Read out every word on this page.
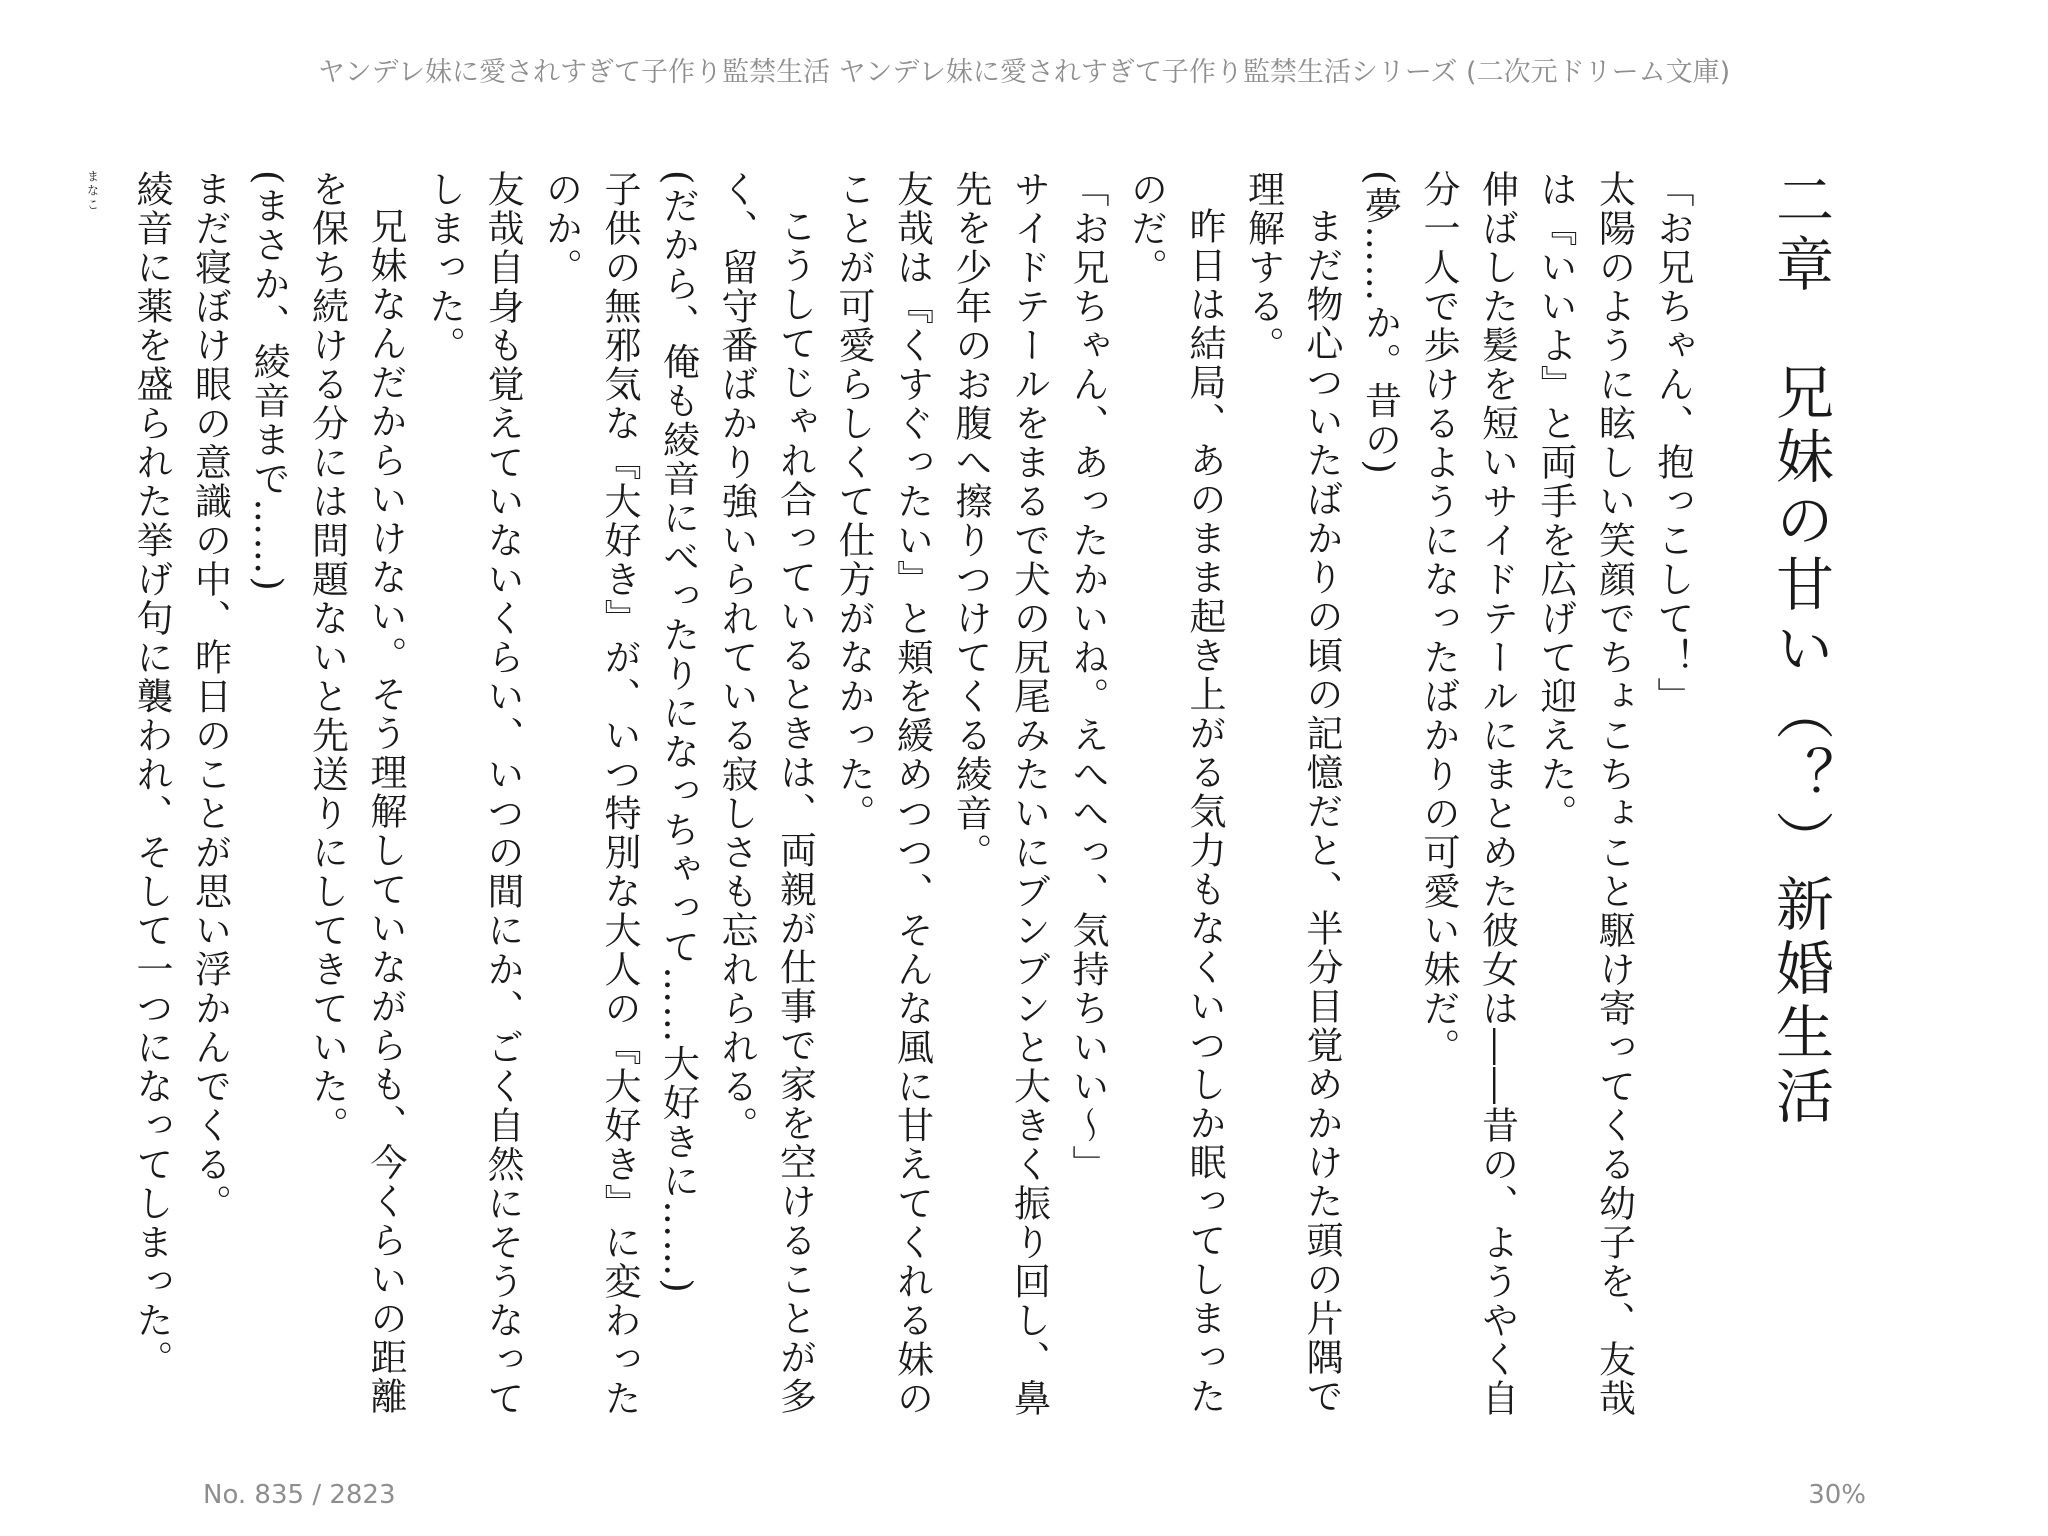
ヤンデレ妹に愛されすぎて子作り監禁生活 ヤンデレ妹に愛されすぎて子作り監禁生活シリーズ (二次元ドリーム文庫)
二章　兄妹の甘い（？）新婚生活

「お兄ちゃん、抱っこして！」

太陽のように眩しい笑顔でちょこちょこと駆け寄ってくる幼子を、友哉は『いいよ』と両手を広げて迎えた。

伸ばした髪を短いサイドテールにまとめた彼女は――昔の、ようやく自分一人で歩けるようになったばかりの可愛い妹だ。

(夢……か。昔の)

まだ物心ついたばかりの頃の記憶だと、半分目覚めかけた頭の片隅で理解する。

昨日は結局、あのまま起き上がる気力もなくいつしか眠ってしまったのだ。

「お兄ちゃん、あったかいね。えへへっ、気持ちいい～」

サイドテールをまるで犬の尻尾みたいにブンブンと大きく振り回し、鼻先を少年のお腹へ擦りつけてくる綾音。

友哉は『くすぐったい』と頬を緩めつつ、そんな風に甘えてくれる妹のことが可愛らしくて仕方がなかった。

こうしてじゃれ合っているときは、両親が仕事で家を空けることが多く、留守番ばかり強いられている寂しさも忘れられる。

(だから、俺も綾音にべったりになっちゃって……大好きに……)

子供の無邪気な『大好き』が、いつ特別な大人の『大好き』に変わったのか。

友哉自身も覚えていないくらい、いつの間にか、ごく自然にそうなってしまった。

兄妹なんだからいけない。そう理解していながらも、今くらいの距離を保ち続ける分には問題ないと先送りにしてきていた。

(まさか、綾音まで……)

まだ寝ぼけ眼の意識の中、昨日のことが思い浮かんでくる。

綾音に薬を盛られた挙げ句に襲われ、そして一つになってしまった。

まなこ
No. 835 / 2823	30%
